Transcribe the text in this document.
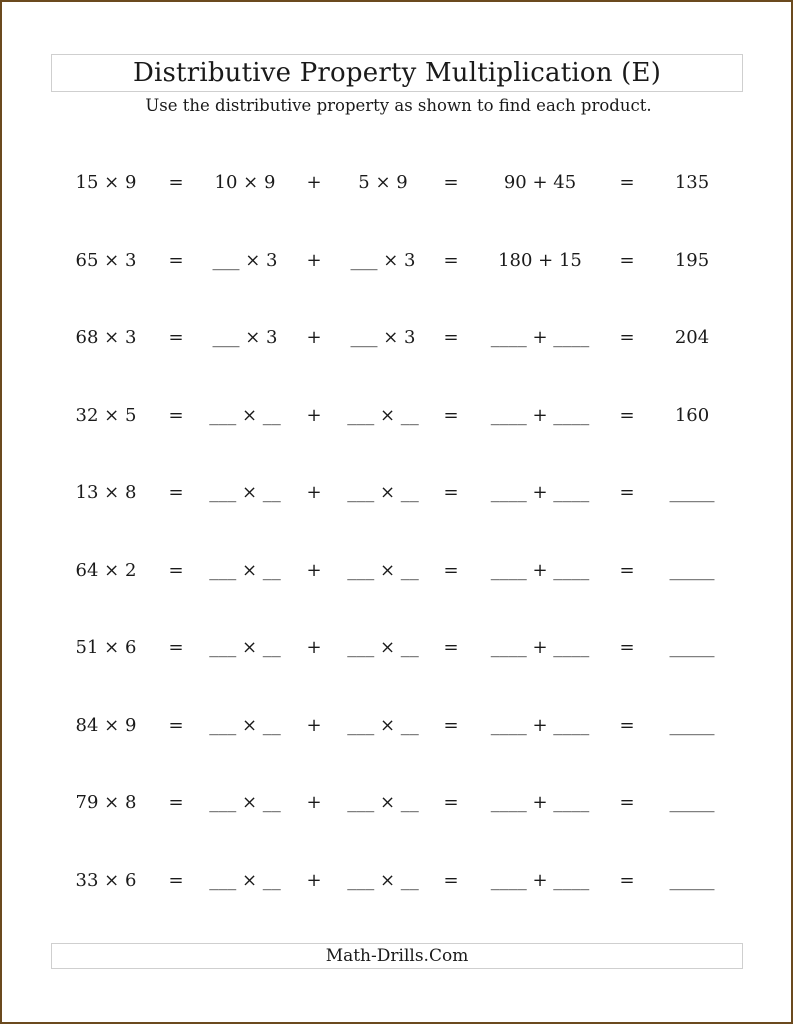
Distributive Property Multiplication (E)
Use the distributive property as shown to find each product.
15 × 9	=	10 × 9	+	5 × 9	=	90 + 45	=	135
65 × 3	=	___ × 3	+	___ × 3	=	180 + 15	=	195
68 × 3	=	___ × 3	+	___ × 3	=	____ + ____	=	204
32 × 5	=	___ × __	+	___ × __	=	____ + ____	=	160
13 × 8	=	___ × __	+	___ × __	=	____ + ____	=	_____
64 × 2	=	___ × __	+	___ × __	=	____ + ____	=	_____
51 × 6	=	___ × __	+	___ × __	=	____ + ____	=	_____
84 × 9	=	___ × __	+	___ × __	=	____ + ____	=	_____
79 × 8	=	___ × __	+	___ × __	=	____ + ____	=	_____
33 × 6	=	___ × __	+	___ × __	=	____ + ____	=	_____
Math-Drills.Com
